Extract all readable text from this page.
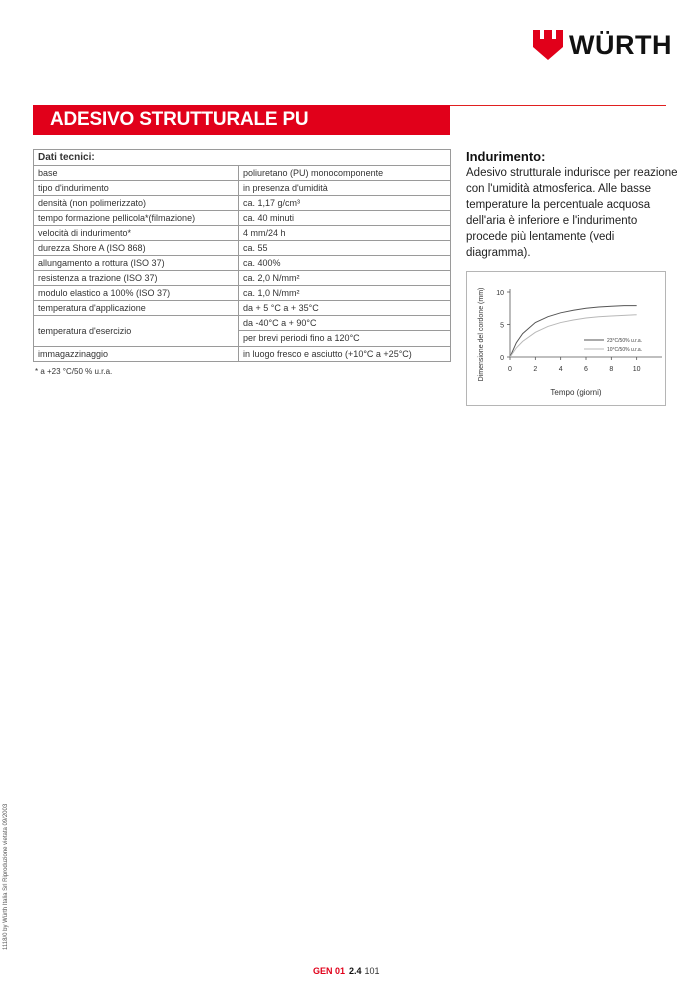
WÜRTH
ADESIVO STRUTTURALE PU
Dati tecnici:	
base	poliuretano (PU) monocomponente
tipo d'indurimento	in presenza d'umidità
densità (non polimerizzato)	ca. 1,17 g/cm³
tempo formazione pellicola*(filmazione)	ca. 40 minuti
velocità di indurimento*	4 mm/24 h
durezza Shore A (ISO 868)	ca. 55
allungamento a rottura (ISO 37)	ca. 400%
resistenza a trazione (ISO 37)	ca. 2,0 N/mm²
modulo elastico a 100% (ISO 37)	ca. 1,0 N/mm²
temperatura d'applicazione	da + 5 °C a + 35°C
temperatura d'esercizio	da -40°C a + 90°C
per brevi periodi fino a 120°C

immagazzinaggio	in luogo fresco e asciutto (+10°C a +25°C)
* a +23 °C/50 % u.r.a.
Indurimento:

Adesivo strutturale indurisce per reazione con l'umidità atmosferica. Alle basse temperature la percentuale acquosa dell'aria è inferiore e l'indurimento procede più lentamente (vedi diagramma).

0
5
10
0	2	4	6	8	10
Tempo (giorni)
Dimensione del cordone (mm)	23°C/50% u.r.a.
10°C/50% u.r.a.
1118/0 by Würth Italia Srl Riproduzione vietata 09/2003
GEN 01 2.4 101
